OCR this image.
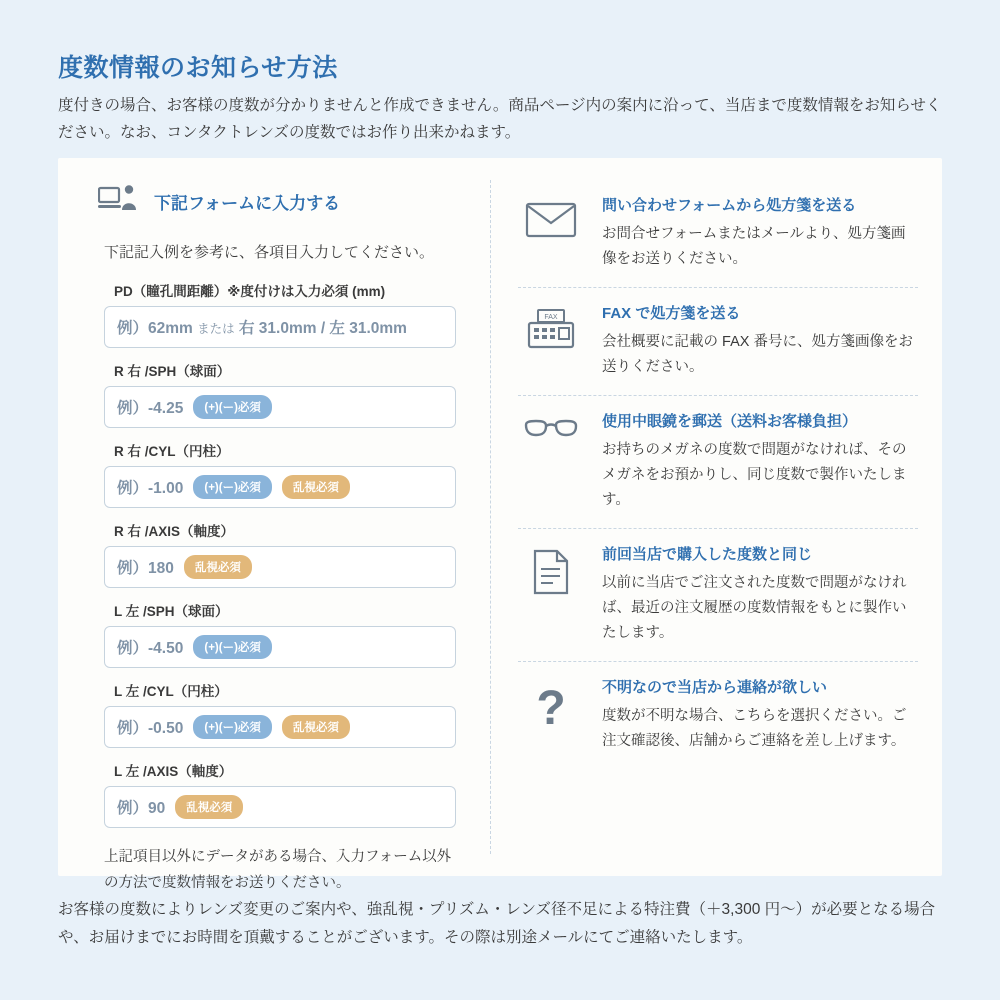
度数情報のお知らせ方法
度付きの場合、お客様の度数が分かりませんと作成できません。商品ページ内の案内に沿って、当店まで度数情報をお知らせください。なお、コンタクトレンズの度数ではお作り出来かねます。
下記フォームに入力する
下記記入例を参考に、各項目入力してください。
PD（瞳孔間距離）※度付けは入力必須 (mm)
例）62mm または 右 31.0mm / 左 31.0mm
R 右 /SPH（球面）
例）-4.25	(+)(ー)必須
R 右 /CYL（円柱）
例）-1.00	(+)(ー)必須	乱視必須
R 右 /AXIS（軸度）
例）180	乱視必須
L 左 /SPH（球面）
例）-4.50	(+)(ー)必須
L 左 /CYL（円柱）
例）-0.50	(+)(ー)必須	乱視必須
L 左 /AXIS（軸度）
例）90	乱視必須
上記項目以外にデータがある場合、入力フォーム以外の方法で度数情報をお送りください。
問い合わせフォームから処方箋を送る
お問合せフォームまたはメールより、処方箋画像をお送りください。
FAX	FAX で処方箋を送る
会社概要に記載の FAX 番号に、処方箋画像をお送りください。
使用中眼鏡を郵送（送料お客様負担）
お持ちのメガネの度数で問題がなければ、そのメガネをお預かりし、同じ度数で製作いたします。
前回当店で購入した度数と同じ
以前に当店でご注文された度数で問題がなければ、最近の注文履歴の度数情報をもとに製作いたします。
? 不明なので当店から連絡が欲しい
度数が不明な場合、こちらを選択ください。ご注文確認後、店舗からご連絡を差し上げます。
お客様の度数によりレンズ変更のご案内や、強乱視・プリズム・レンズ径不足による特注費（＋3,300 円〜）が必要となる場合や、お届けまでにお時間を頂戴することがございます。その際は別途メールにてご連絡いたします。
